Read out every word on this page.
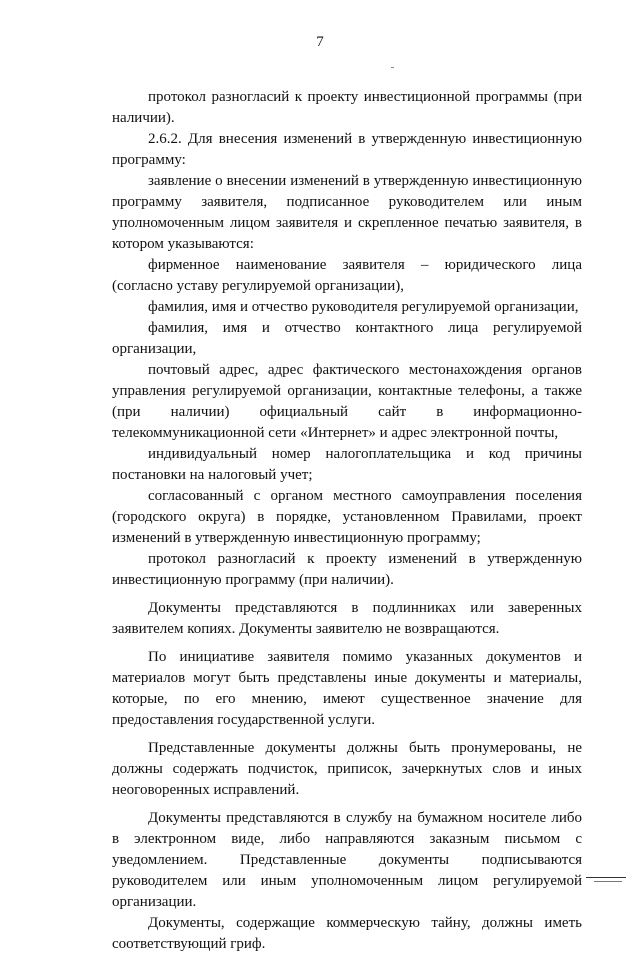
7

протокол разногласий к проекту инвестиционной программы (при наличии).

2.6.2. Для внесения изменений в утвержденную инвестиционную программу:

заявление о внесении изменений в утвержденную инвестиционную программу заявителя, подписанное руководителем или иным уполномоченным лицом заявителя и скрепленное печатью заявителя, в котором указываются:

фирменное наименование заявителя – юридического лица (согласно уставу регулируемой организации),

фамилия, имя и отчество руководителя регулируемой организации,

фамилия, имя и отчество контактного лица регулируемой организации,

почтовый адрес, адрес фактического местонахождения органов управления регулируемой организации, контактные телефоны, а также (при наличии) официальный сайт в информационно-телекоммуникационной сети «Интернет» и адрес электронной почты,

индивидуальный номер налогоплательщика и код причины постановки на налоговый учет;

согласованный с органом местного самоуправления поселения (городского округа) в порядке, установленном Правилами, проект изменений в утвержденную инвестиционную программу;

протокол разногласий к проекту изменений в утвержденную инвестиционную программу (при наличии).

Документы представляются в подлинниках или заверенных заявителем копиях. Документы заявителю не возвращаются.

По инициативе заявителя помимо указанных документов и материалов могут быть представлены иные документы и материалы, которые, по его мнению, имеют существенное значение для предоставления государственной услуги.

Представленные документы должны быть пронумерованы, не должны содержать подчисток, приписок, зачеркнутых слов и иных неоговоренных исправлений.

Документы представляются в службу на бумажном носителе либо в электронном виде, либо направляются заказным письмом с уведомлением. Представленные документы подписываются руководителем или иным уполномоченным лицом регулируемой организации.

Документы, содержащие коммерческую тайну, должны иметь соответствующий гриф.
